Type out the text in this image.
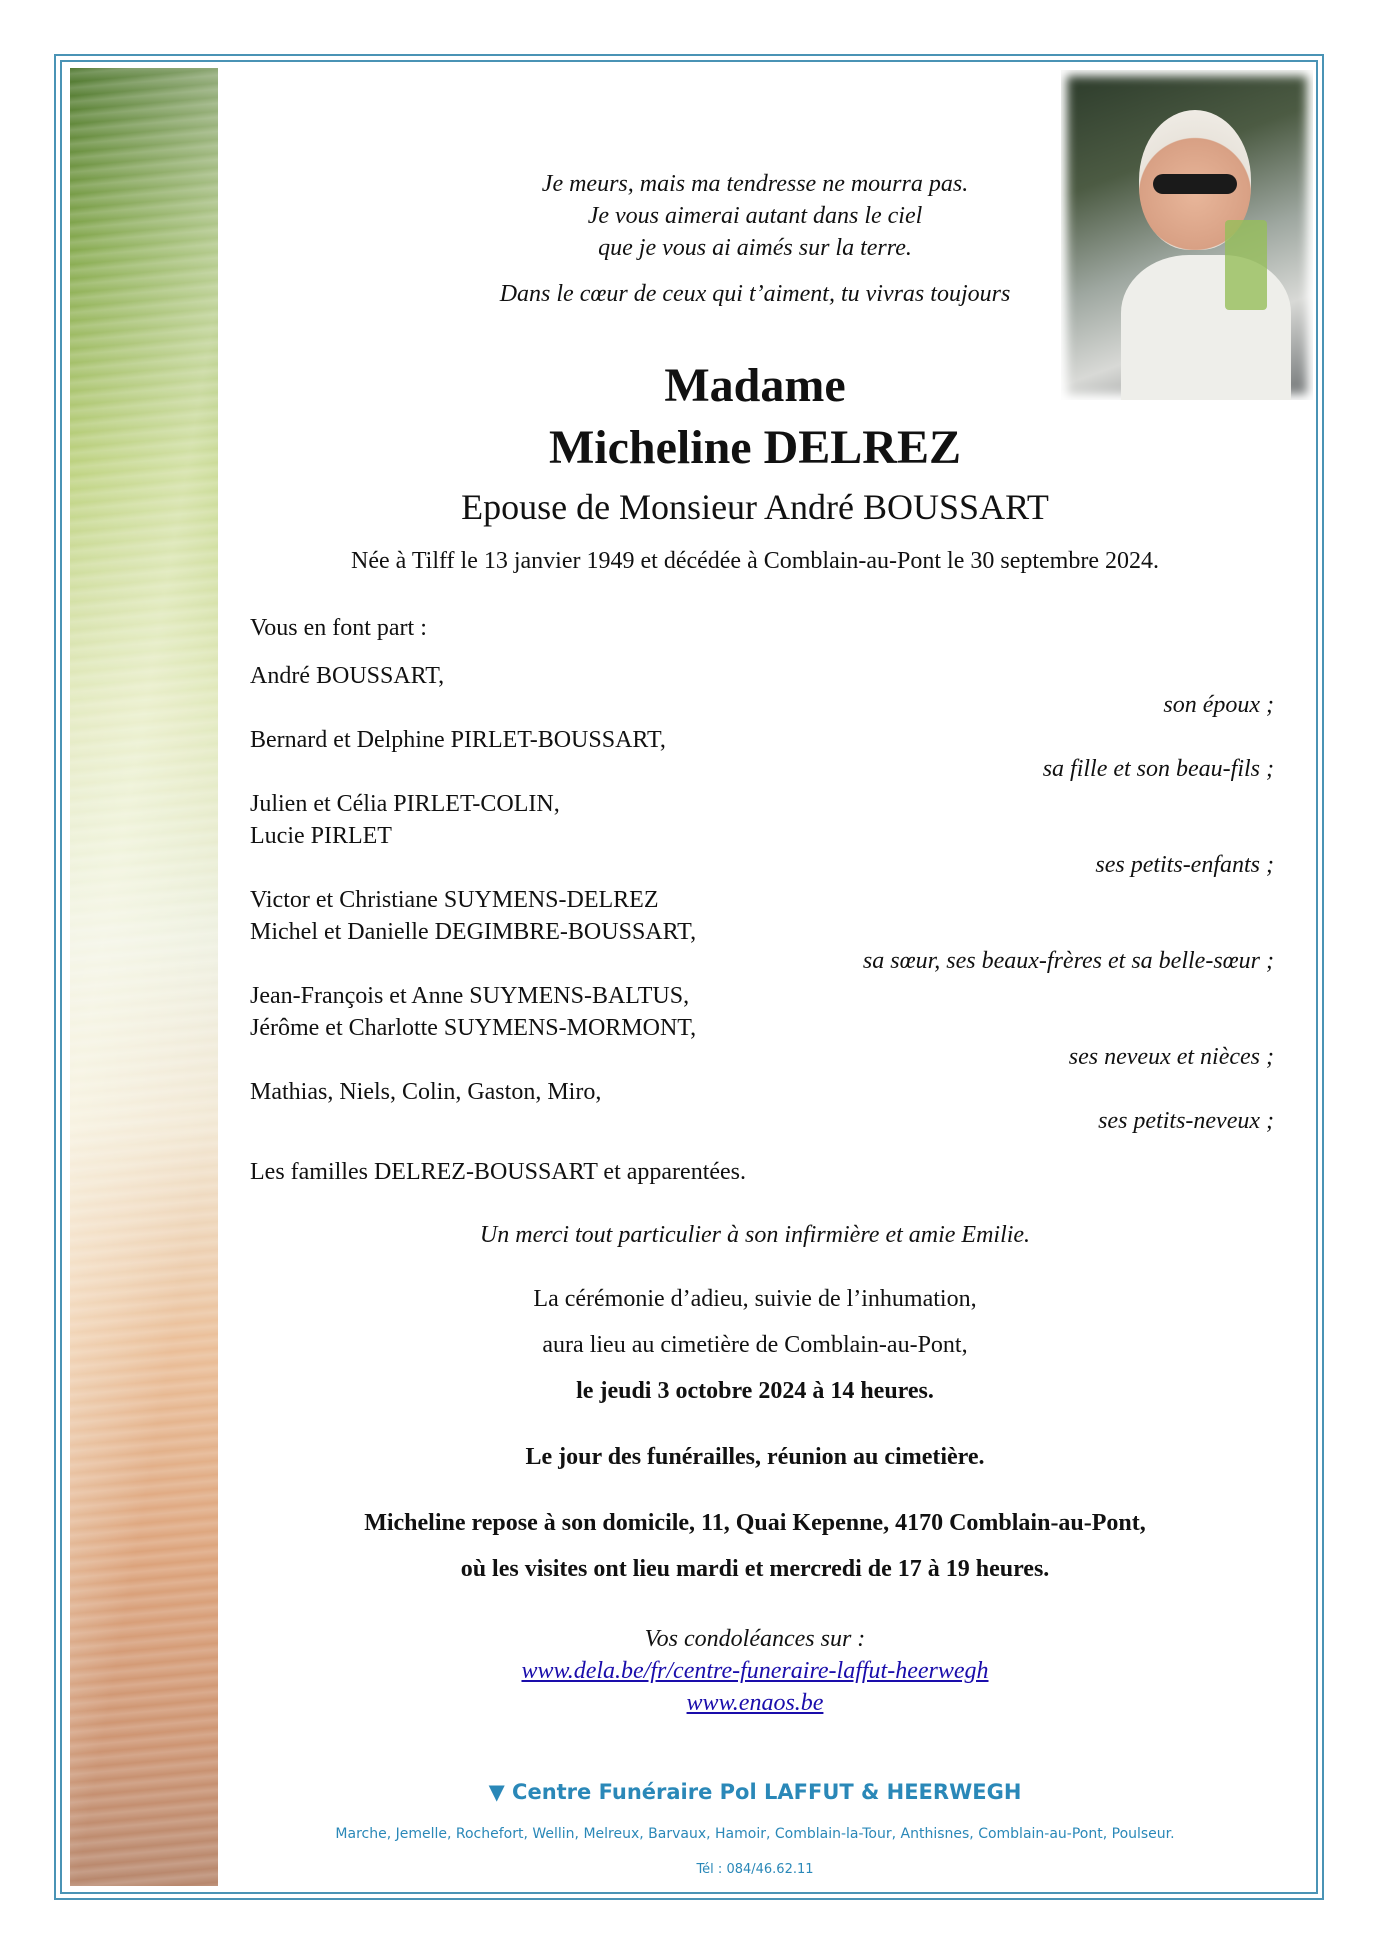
Je meurs, mais ma tendresse ne mourra pas.
Je vous aimerai autant dans le ciel
que je vous ai aimés sur la terre.
Dans le cœur de ceux qui t’aiment, tu vivras toujours
Madame
Micheline DELREZ
Epouse de Monsieur André BOUSSART
Née à Tilff le 13 janvier 1949 et décédée à Comblain-au-Pont le 30 septembre 2024.
Vous en font part :
André BOUSSART,
son époux ;
Bernard et Delphine PIRLET-BOUSSART,
sa fille et son beau-fils ;
Julien et Célia PIRLET-COLIN,
Lucie PIRLET
ses petits-enfants ;
Victor et Christiane SUYMENS-DELREZ
Michel et Danielle DEGIMBRE-BOUSSART,
sa sœur, ses beaux-frères et sa belle-sœur ;
Jean-François et Anne SUYMENS-BALTUS,
Jérôme et Charlotte SUYMENS-MORMONT,
ses neveux et nièces ;
Mathias, Niels, Colin, Gaston, Miro,
ses petits-neveux ;
Les familles DELREZ-BOUSSART et apparentées.
Un merci tout particulier à son infirmière et amie Emilie.
La cérémonie d’adieu, suivie de l’inhumation,
aura lieu au cimetière de Comblain-au-Pont,
le jeudi 3 octobre 2024 à 14 heures.
Le jour des funérailles, réunion au cimetière.
Micheline repose à son domicile, 11, Quai Kepenne, 4170 Comblain-au-Pont,
où les visites ont lieu mardi et mercredi de 17 à 19 heures.
Vos condoléances sur :
www.dela.be/fr/centre-funeraire-laffut-heerwegh
www.enaos.be
▼ Centre Funéraire Pol LAFFUT & HEERWEGH
Marche, Jemelle, Rochefort, Wellin, Melreux, Barvaux, Hamoir, Comblain-la-Tour, Anthisnes, Comblain-au-Pont, Poulseur.
Tél : 084/46.62.11
